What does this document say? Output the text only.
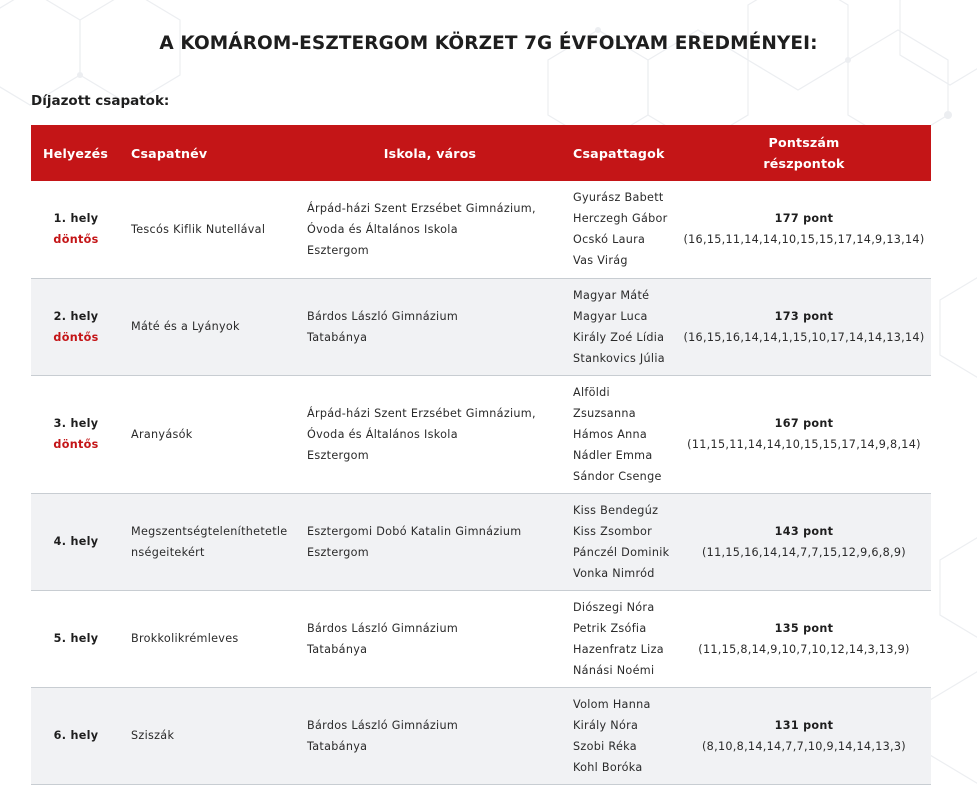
A KOMÁROM-ESZTERGOM KÖRZET 7G ÉVFOLYAM EREDMÉNYEI:
Díjazott csapatok:
Helyezés	Csapatnév	Iskola, város	Csapattagok	Pontszám
részpontok

1. hely
döntős	Tescós Kiflik Nutellával	Árpád-házi Szent Erzsébet Gimnázium,
Óvoda és Általános Iskola
Esztergom	Gyurász Babett
Herczegh Gábor
Ocskó Laura
Vas Virág	177 pont
(16,15,11,14,14,10,15,15,17,14,9,13,14)

2. hely
döntős	Máté és a Lyányok	Bárdos László Gimnázium
Tatabánya	Magyar Máté
Magyar Luca
Király Zoé Lídia
Stankovics Júlia	173 pont
(16,15,16,14,14,1,15,10,17,14,14,13,14)

3. hely
döntős	Aranyásók	Árpád-házi Szent Erzsébet Gimnázium,
Óvoda és Általános Iskola
Esztergom	Alföldi
Zsuzsanna
Hámos Anna
Nádler Emma
Sándor Csenge	167 pont
(11,15,11,14,14,10,15,15,17,14,9,8,14)

4. hely	Megszentségteleníthetetle
nségeitekért	Esztergomi Dobó Katalin Gimnázium
Esztergom	Kiss Bendegúz
Kiss Zsombor
Pánczél Dominik
Vonka Nimród	143 pont
(11,15,16,14,14,7,7,15,12,9,6,8,9)

5. hely	Brokkolikrémleves	Bárdos László Gimnázium
Tatabánya	Diószegi Nóra
Petrik Zsófia
Hazenfratz Liza
Nánási Noémi	135 pont
(11,15,8,14,9,10,7,10,12,14,3,13,9)

6. hely	Sziszák	Bárdos László Gimnázium
Tatabánya	Volom Hanna
Király Nóra
Szobi Réka
Kohl Boróka	131 pont
(8,10,8,14,14,7,7,10,9,14,14,13,3)
